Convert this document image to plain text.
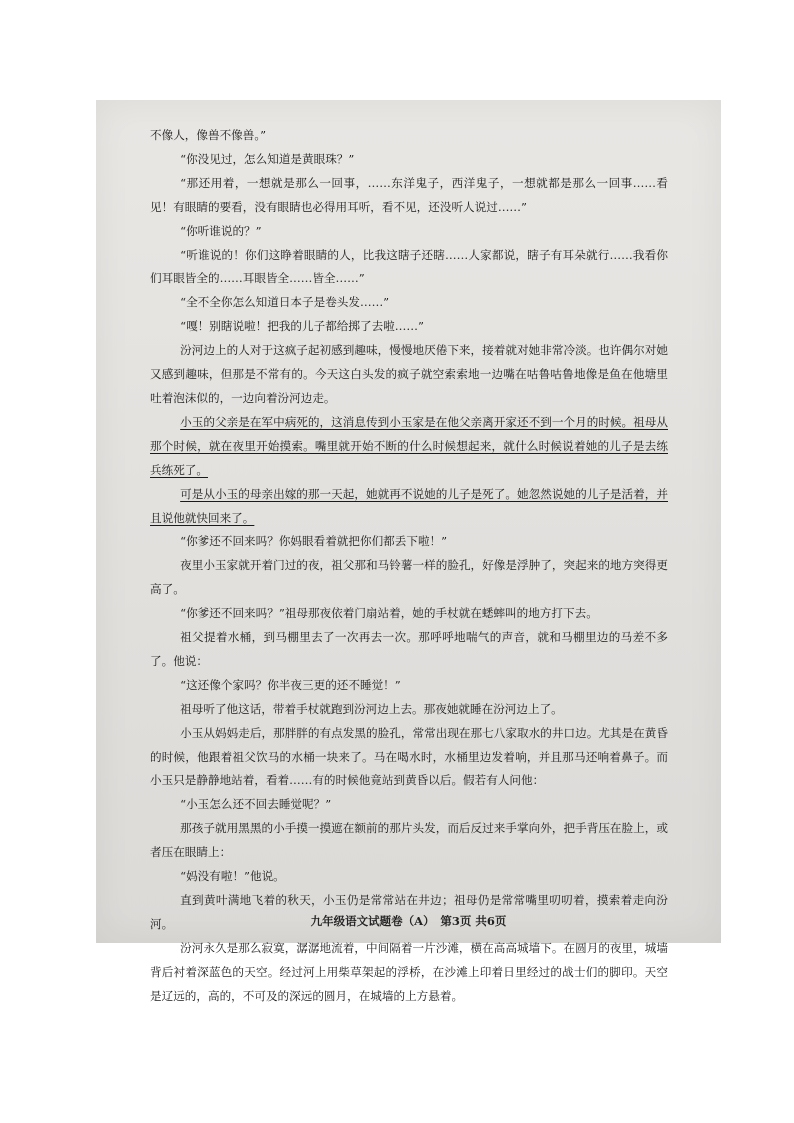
不像人，像兽不像兽。”

“你没见过，怎么知道是黄眼珠？”

“那还用着，一想就是那么一回事，……东洋鬼子，西洋鬼子，一想就都是那么一回事……看见！有眼睛的要看，没有眼睛也必得用耳听，看不见，还没听人说过……”

“你听谁说的？”

“听谁说的！你们这睁着眼睛的人，比我这瞎子还瞎……人家都说，瞎子有耳朵就行……我看你们耳眼皆全的……耳眼皆全……皆全……”

“全不全你怎么知道日本子是卷头发……”

“嘎！别瞎说啦！把我的儿子都给掷了去啦……”

汾河边上的人对于这疯子起初感到趣味，慢慢地厌倦下来，接着就对她非常冷淡。也许偶尔对她又感到趣味，但那是不常有的。今天这白头发的疯子就空索索地一边嘴在咕鲁咕鲁地像是鱼在他塘里吐着泡沫似的，一边向着汾河边走。

小玉的父亲是在军中病死的，这消息传到小玉家是在他父亲离开家还不到一个月的时候。祖母从那个时候，就在夜里开始摸索。嘴里就开始不断的什么时候想起来，就什么时候说着她的儿子是去练兵练死了。

可是从小玉的母亲出嫁的那一天起，她就再不说她的儿子是死了。她忽然说她的儿子是活着，并且说他就快回来了。

“你爹还不回来吗？你妈眼看着就把你们都丢下啦！”

夜里小玉家就开着门过的夜，祖父那和马铃薯一样的脸孔，好像是浮肿了，突起来的地方突得更高了。

“你爹还不回来吗？”祖母那夜依着门扇站着，她的手杖就在蟋蟀叫的地方打下去。

祖父提着水桶，到马棚里去了一次再去一次。那呼呼地喘气的声音，就和马棚里边的马差不多了。他说：

“这还像个家吗？你半夜三更的还不睡觉！”

祖母听了他这话，带着手杖就跑到汾河边上去。那夜她就睡在汾河边上了。

小玉从妈妈走后，那胖胖的有点发黑的脸孔，常常出现在那七八家取水的井口边。尤其是在黄昏的时候，他跟着祖父饮马的水桶一块来了。马在喝水时，水桶里边发着响，并且那马还响着鼻子。而小玉只是静静地站着，看着……有的时候他竟站到黄昏以后。假若有人问他：

“小玉怎么还不回去睡觉呢？”

那孩子就用黑黑的小手摸一摸遮在额前的那片头发，而后反过来手掌向外，把手背压在脸上，或者压在眼睛上：

“妈没有啦！”他说。

直到黄叶满地飞着的秋天，小玉仍是常常站在井边；祖母仍是常常嘴里叨叨着，摸索着走向汾河。

汾河永久是那么寂寞，潺潺地流着，中间隔着一片沙滩，横在高高城墙下。在圆月的夜里，城墙背后衬着深蓝色的天空。经过河上用柴草架起的浮桥，在沙滩上印着日里经过的战士们的脚印。天空是辽远的，高的，不可及的深远的圆月，在城墙的上方悬着。

九年级语文试题卷（A）　第3页 共6页
